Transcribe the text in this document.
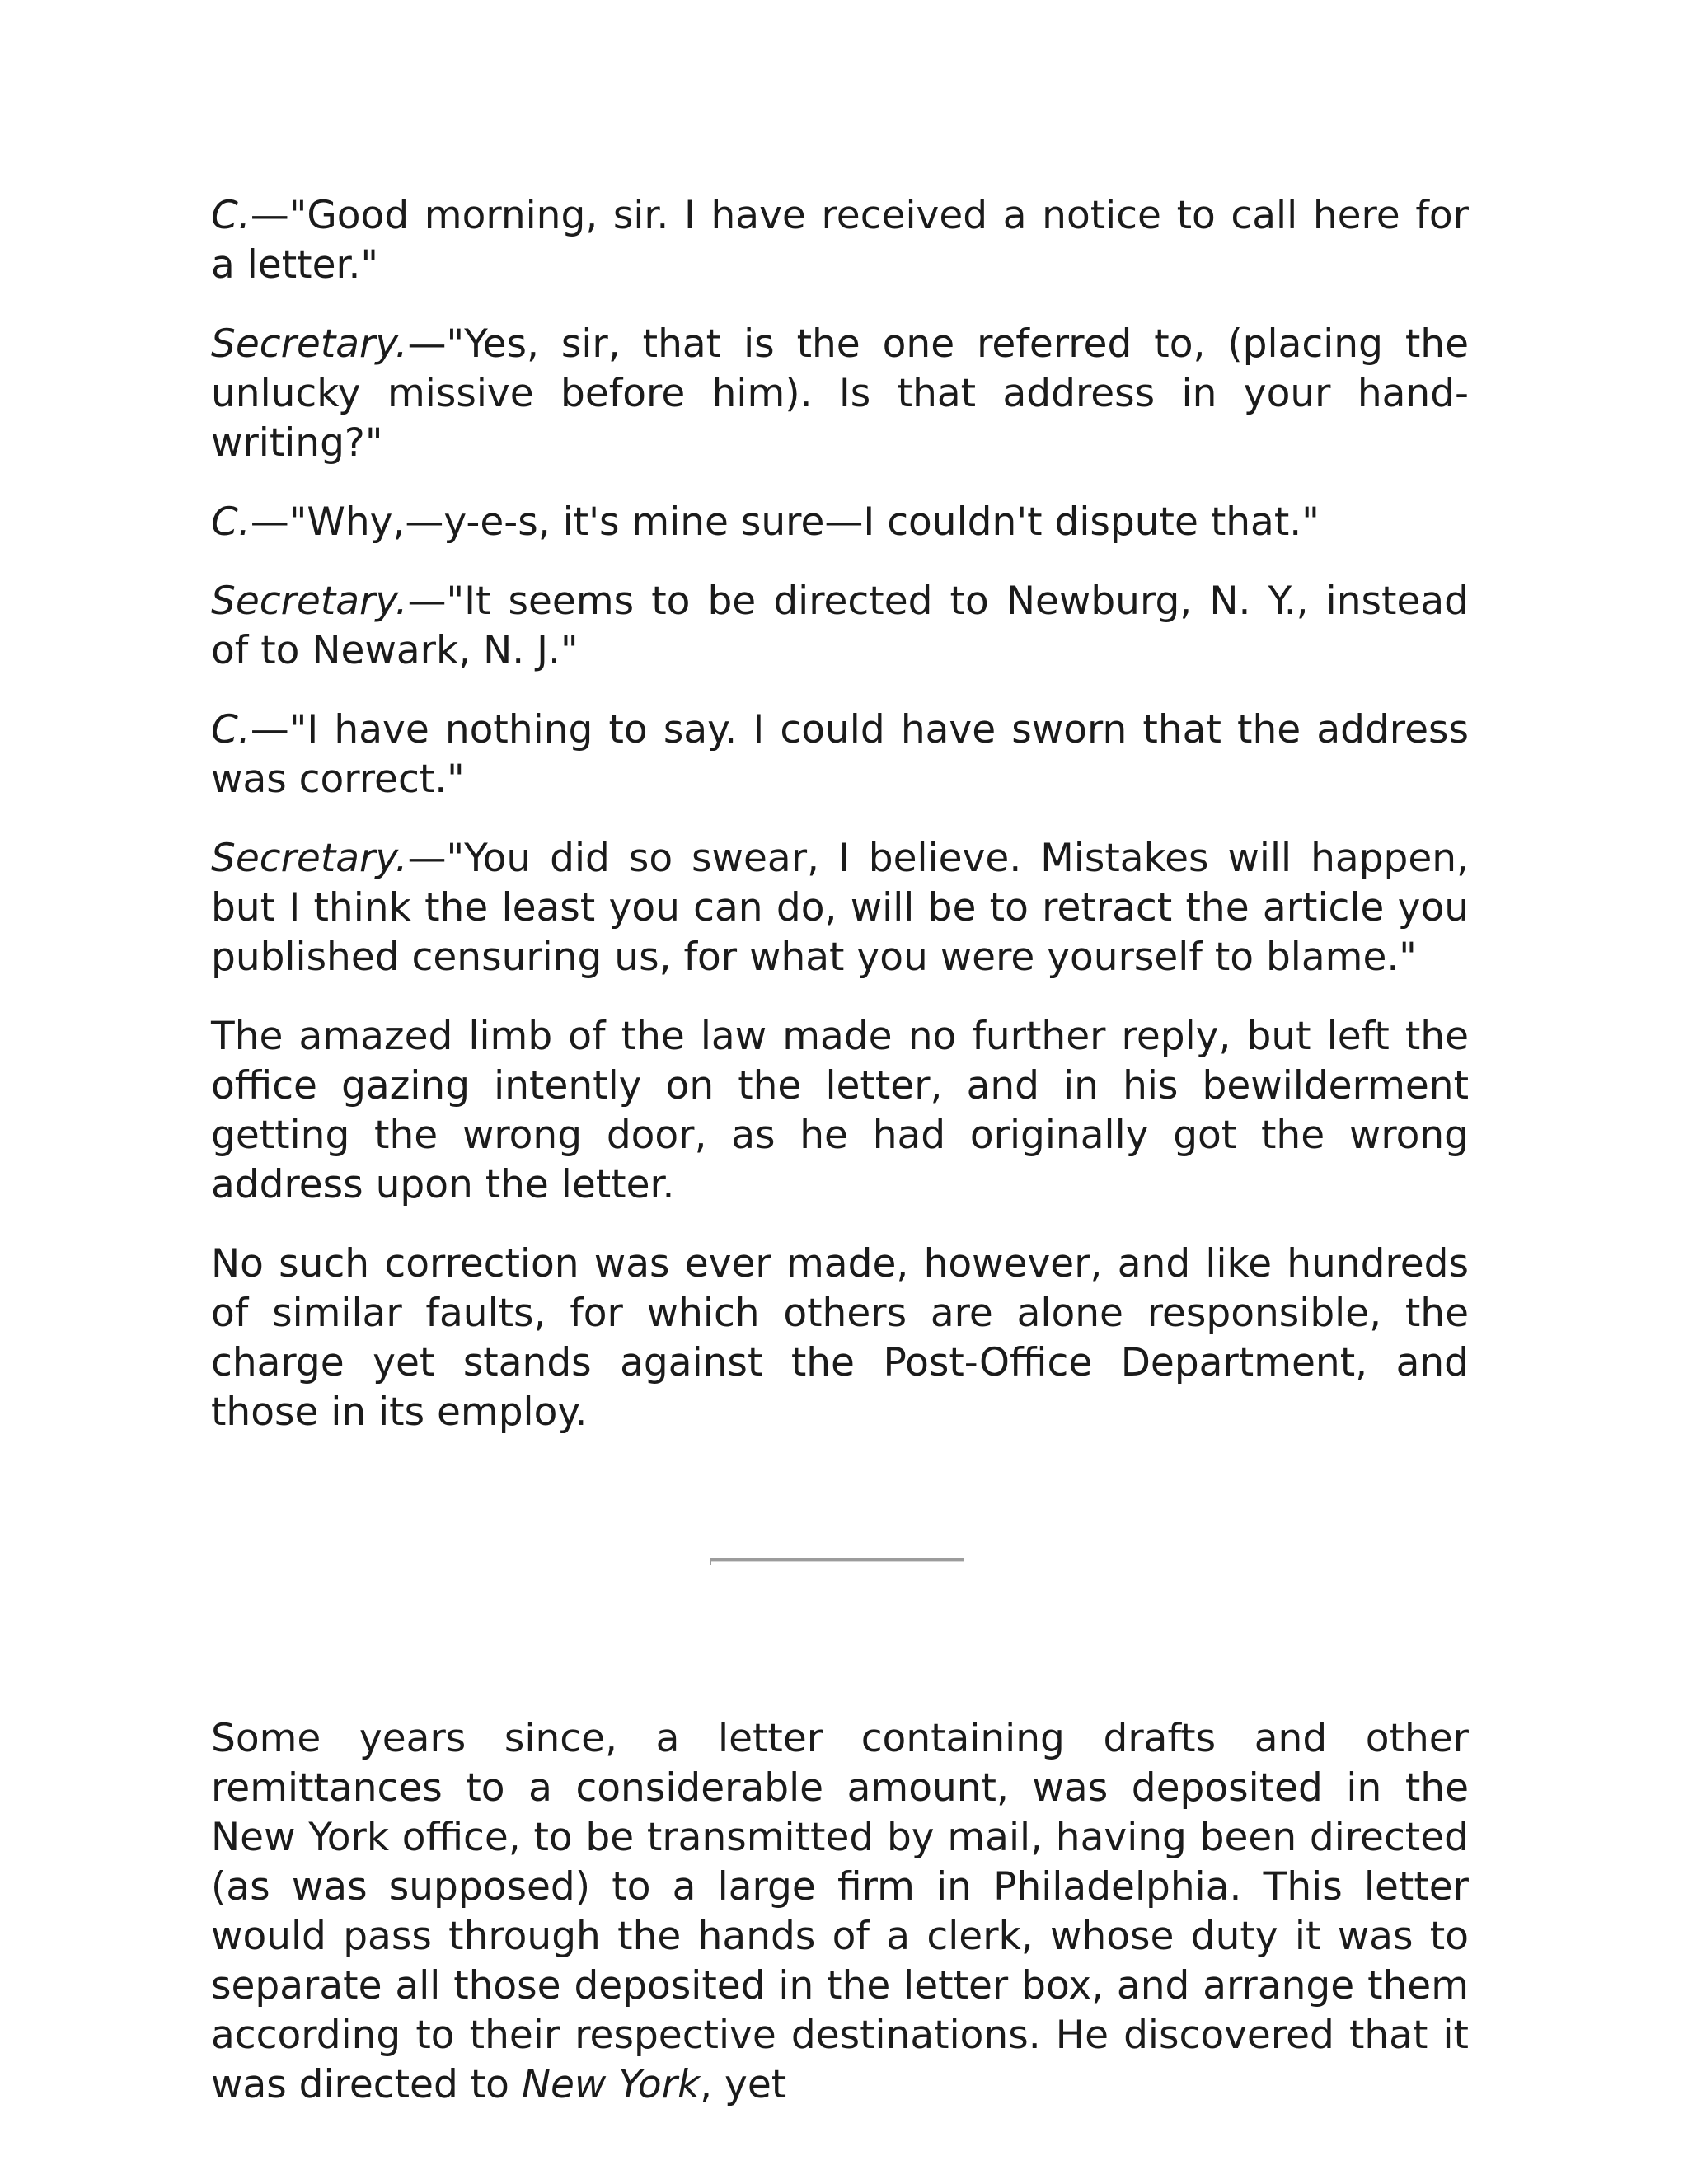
C.—"Good morning, sir. I have received a notice to call here for a letter."

Secretary.—"Yes, sir, that is the one referred to, (placing the unlucky missive before him). Is that address in your hand-writing?"

C.—"Why,—y-e-s, it's mine sure—I couldn't dispute that."

Secretary.—"It seems to be directed to Newburg, N. Y., instead of to Newark, N. J."

C.—"I have nothing to say. I could have sworn that the address was correct."

Secretary.—"You did so swear, I believe. Mistakes will happen, but I think the least you can do, will be to retract the article you published censuring us, for what you were yourself to blame."

The amazed limb of the law made no further reply, but left the office gazing intently on the letter, and in his bewilderment getting the wrong door, as he had originally got the wrong address upon the letter.

No such correction was ever made, however, and like hundreds of similar faults, for which others are alone responsible, the charge yet stands against the Post-Office Department, and those in its employ.

Some years since, a letter containing drafts and other remittances to a considerable amount, was deposited in the New York office, to be transmitted by mail, having been directed (as was supposed) to a large firm in Philadelphia. This letter would pass through the hands of a clerk, whose duty it was to separate all those deposited in the letter box, and arrange them according to their respective destinations. He discovered that it was directed to New York, yet
